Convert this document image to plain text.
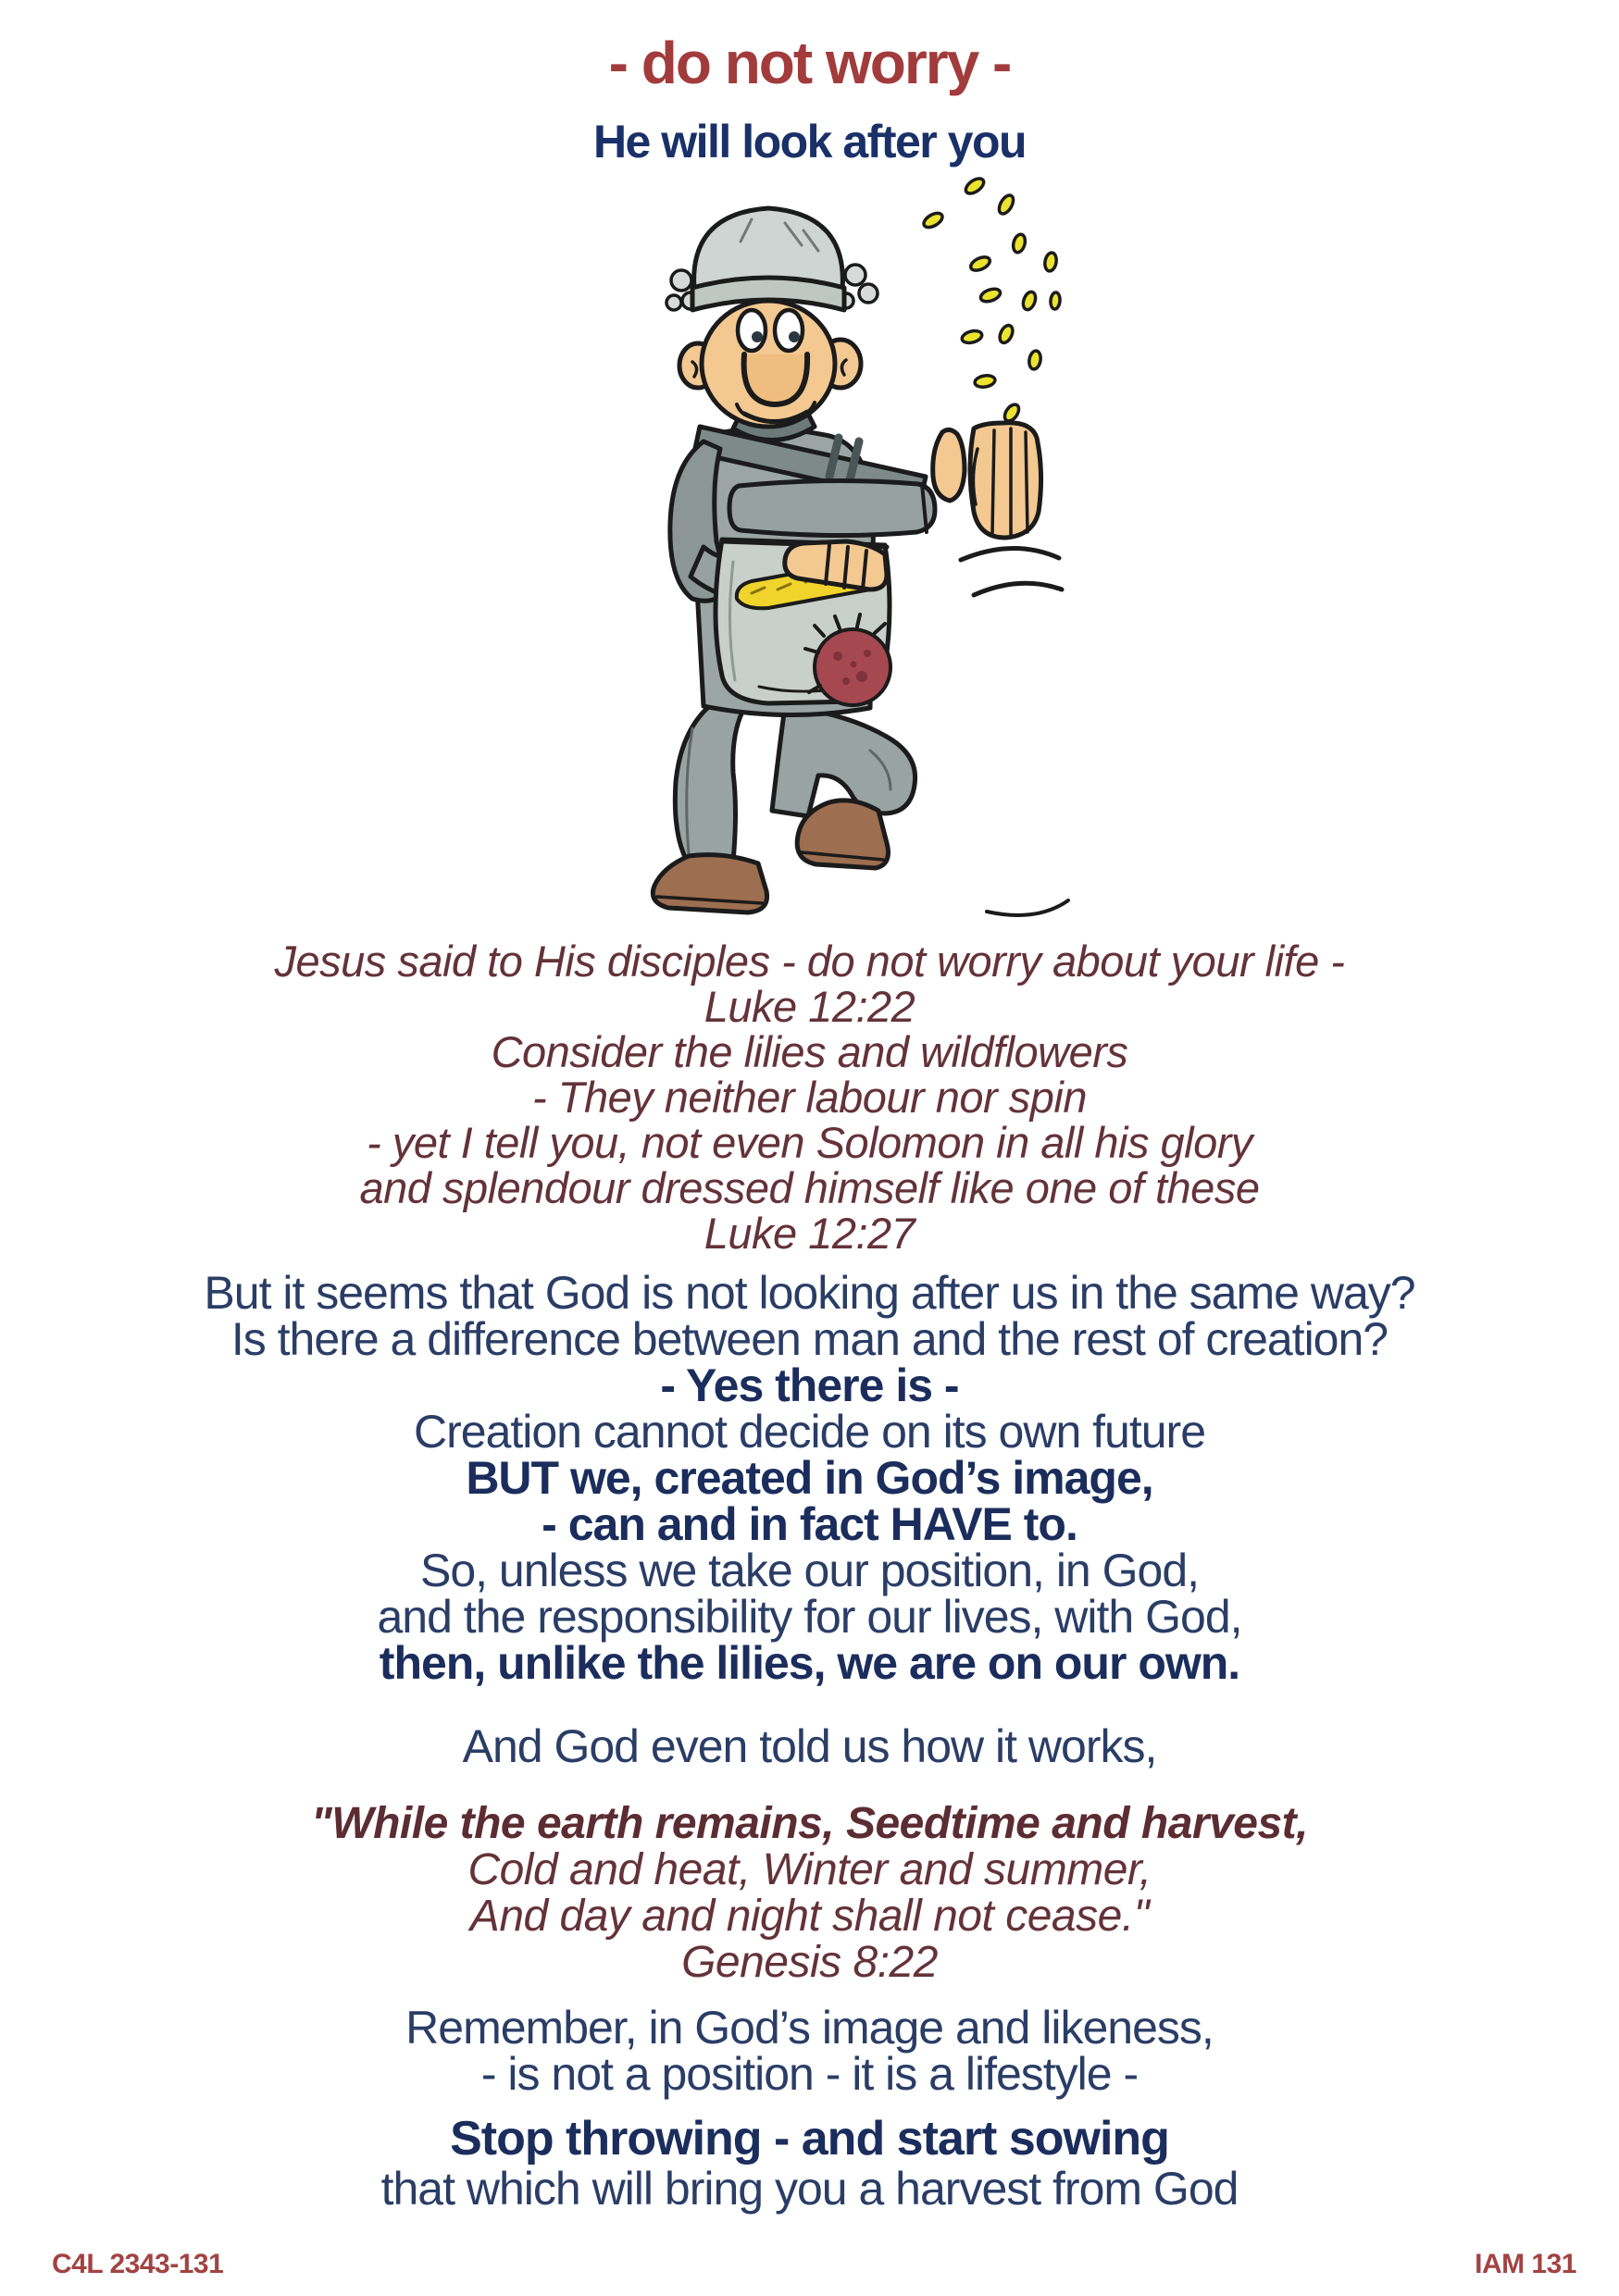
- do not worry -
He will look after you
Jesus said to His disciples - do not worry about your life -
Luke 12:22
Consider the lilies and wildflowers
- They neither labour nor spin
- yet I tell you, not even Solomon in all his glory
and splendour dressed himself like one of these
Luke 12:27
But it seems that God is not looking after us in the same way?
Is there a difference between man and the rest of creation?
- Yes there is -
Creation cannot decide on its own future
BUT we, created in God’s image,
- can and in fact HAVE to.
So, unless we take our position, in God,
and the responsibility for our lives, with God,
then, unlike the lilies, we are on our own.
And God even told us how it works,
"While the earth remains, Seedtime and harvest,
Cold and heat, Winter and summer,
And day and night shall not cease."
Genesis 8:22
Remember, in God’s image and likeness,
- is not a position - it is a lifestyle -
Stop throwing - and start sowing
that which will bring you a harvest from God
C4L 2343-131	IAM 131
